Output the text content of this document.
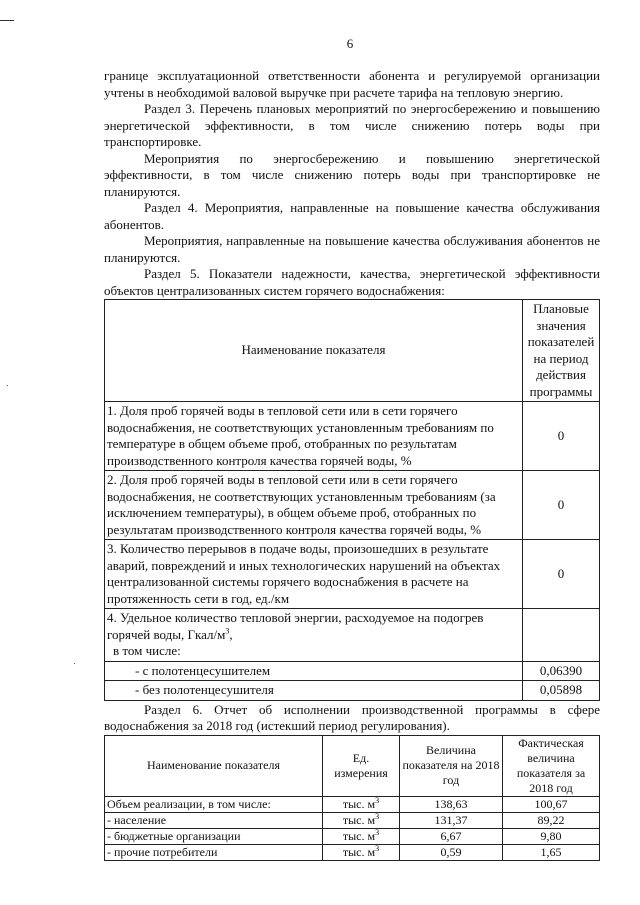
6

границе эксплуатационной ответственности абонента и регулируемой организации учтены в необходимой валовой выручке при расчете тарифа на тепловую энергию.

Раздел 3. Перечень плановых мероприятий по энергосбережению и повышению энергетической эффективности, в том числе снижению потерь воды при транспортировке.

Мероприятия по энергосбережению и повышению энергетической эффективности, в том числе снижению потерь воды при транспортировке не планируются.

Раздел 4. Мероприятия, направленные на повышение качества обслуживания абонентов.

Мероприятия, направленные на повышение качества обслуживания абонентов не планируются.

Раздел 5. Показатели надежности, качества, энергетической эффективности объектов централизованных систем горячего водоснабжения:

Наименование показателя	Плановые значения показателей на период действия программы
1. Доля проб горячей воды в тепловой сети или в сети горячего водоснабжения, не соответствующих установленным требованиям по температуре в общем объеме проб, отобранных по результатам производственного контроля качества горячей воды, %	0
2. Доля проб горячей воды в тепловой сети или в сети горячего водоснабжения, не соответствующих установленным требованиям (за исключением температуры), в общем объеме проб, отобранных по результатам производственного контроля качества горячей воды, %	0
3. Количество перерывов в подаче воды, произошедших в результате аварий, повреждений и иных технологических нарушений на объектах централизованной системы горячего водоснабжения в расчете на протяженность сети в год, ед./км	0
4. Удельное количество тепловой энергии, расходуемое на подогрев горячей воды, Гкал/$м^3$,
в том числе:	
- с полотенцесушителем	0,06390
- без полотенцесушителя	0,05898

Раздел 6. Отчет об исполнении производственной программы в сфере водоснабжения за 2018 год (истекший период регулирования).

Наименование показателя	Ед. измерения	Величина показателя на 2018 год	Фактическая величина показателя за 2018 год
Объем реализации, в том числе:	тыс. $м^3$	138,63	100,67
- население	тыс. $м^3$	131,37	89,22
- бюджетные организации	тыс. $м^3$	6,67	9,80
- прочие потребители	тыс. $м^3$	0,59	1,65
